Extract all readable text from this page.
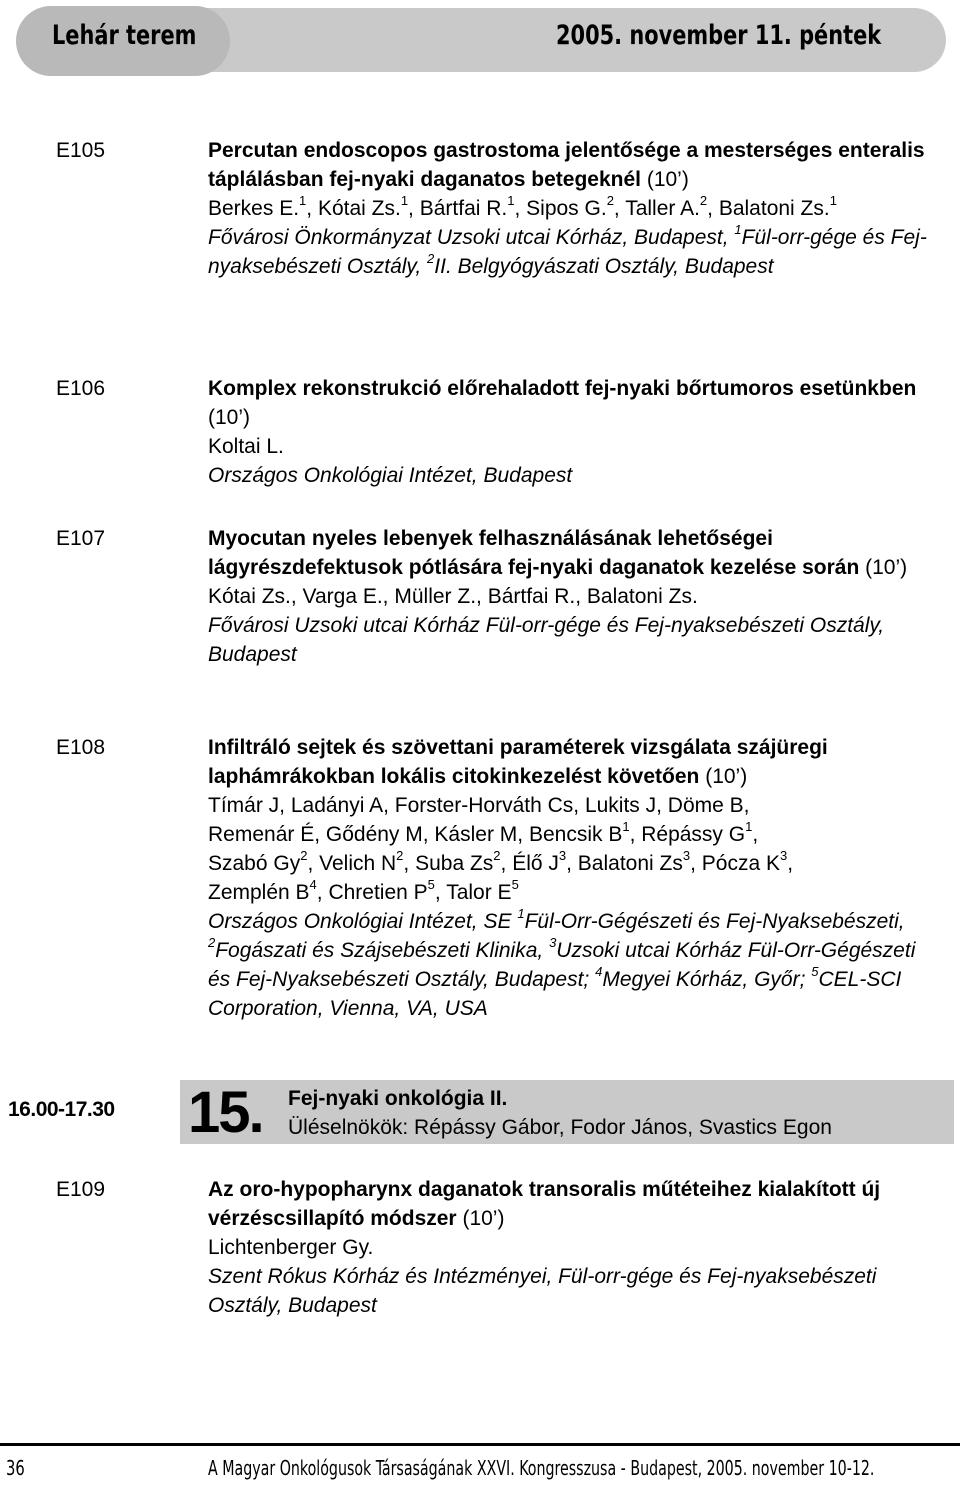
Lehár terem	2005. november 11. péntek
E105	Percutan endoscopos gastrostoma jelentősége a mesterséges enteralis táplálásban fej-nyaki daganatos betegeknél (10’)
Berkes E.$^1$, Kótai Zs.$^1$, Bártfai R.$^1$, Sipos G.$^2$, Taller A.$^2$, Balatoni Zs.$^1$
Fővárosi Önkormányzat Uzsoki utcai Kórház, Budapest, $^1$Fül-orr-gége és Fej-nyaksebészeti Osztály, $^2$II. Belgyógyászati Osztály, Budapest
E106	Komplex rekonstrukció előrehaladott fej-nyaki bőrtumoros esetünkben (10’)
Koltai L.
Országos Onkológiai Intézet, Budapest
E107	Myocutan nyeles lebenyek felhasználásának lehetőségei lágyrészdefektusok pótlására fej-nyaki daganatok kezelése során (10’)
Kótai Zs., Varga E., Müller Z., Bártfai R., Balatoni Zs.
Fővárosi Uzsoki utcai Kórház Fül-orr-gége és Fej-nyaksebészeti Osztály, Budapest
E108	Infiltráló sejtek és szövettani paraméterek vizsgálata szájüregi laphámrákokban lokális citokinkezelést követően (10’)
Tímár J, Ladányi A, Forster-Horváth Cs, Lukits J, Döme B,
Remenár É, Gődény M, Kásler M, Bencsik $B^1$, Répássy $G^1$,
Szabó Gy$^2$, Velich $N^2$, Suba Zs$^2$, Élő $J^3$, Balatoni Zs$^3$, Pócza $K^3$,
Zemplén $B^4$, Chretien $P^5$, Talor $E^5$
Országos Onkológiai Intézet, SE $^1$Fül-Orr-Gégészeti és Fej-Nyaksebészeti, $^2$Fogászati és Szájsebészeti Klinika, $^3$Uzsoki utcai Kórház Fül-Orr-Gégészeti és Fej-Nyaksebészeti Osztály, Budapest; $^4$Megyei Kórház, Győr; $^5$CEL-SCI Corporation, Vienna, VA, USA
16.00-17.30 15. Fej-nyaki onkológia II.
Üléselnökök: Répássy Gábor, Fodor János, Svastics Egon
E109	Az oro-hypopharynx daganatok transoralis műtéteihez kialakított új vérzéscsillapító módszer (10’)
Lichtenberger Gy.
Szent Rókus Kórház és Intézményei, Fül-orr-gége és Fej-nyaksebészeti Osztály, Budapest
36	A Magyar Onkológusok Társaságának XXVI. Kongresszusa - Budapest, 2005. november 10-12.
